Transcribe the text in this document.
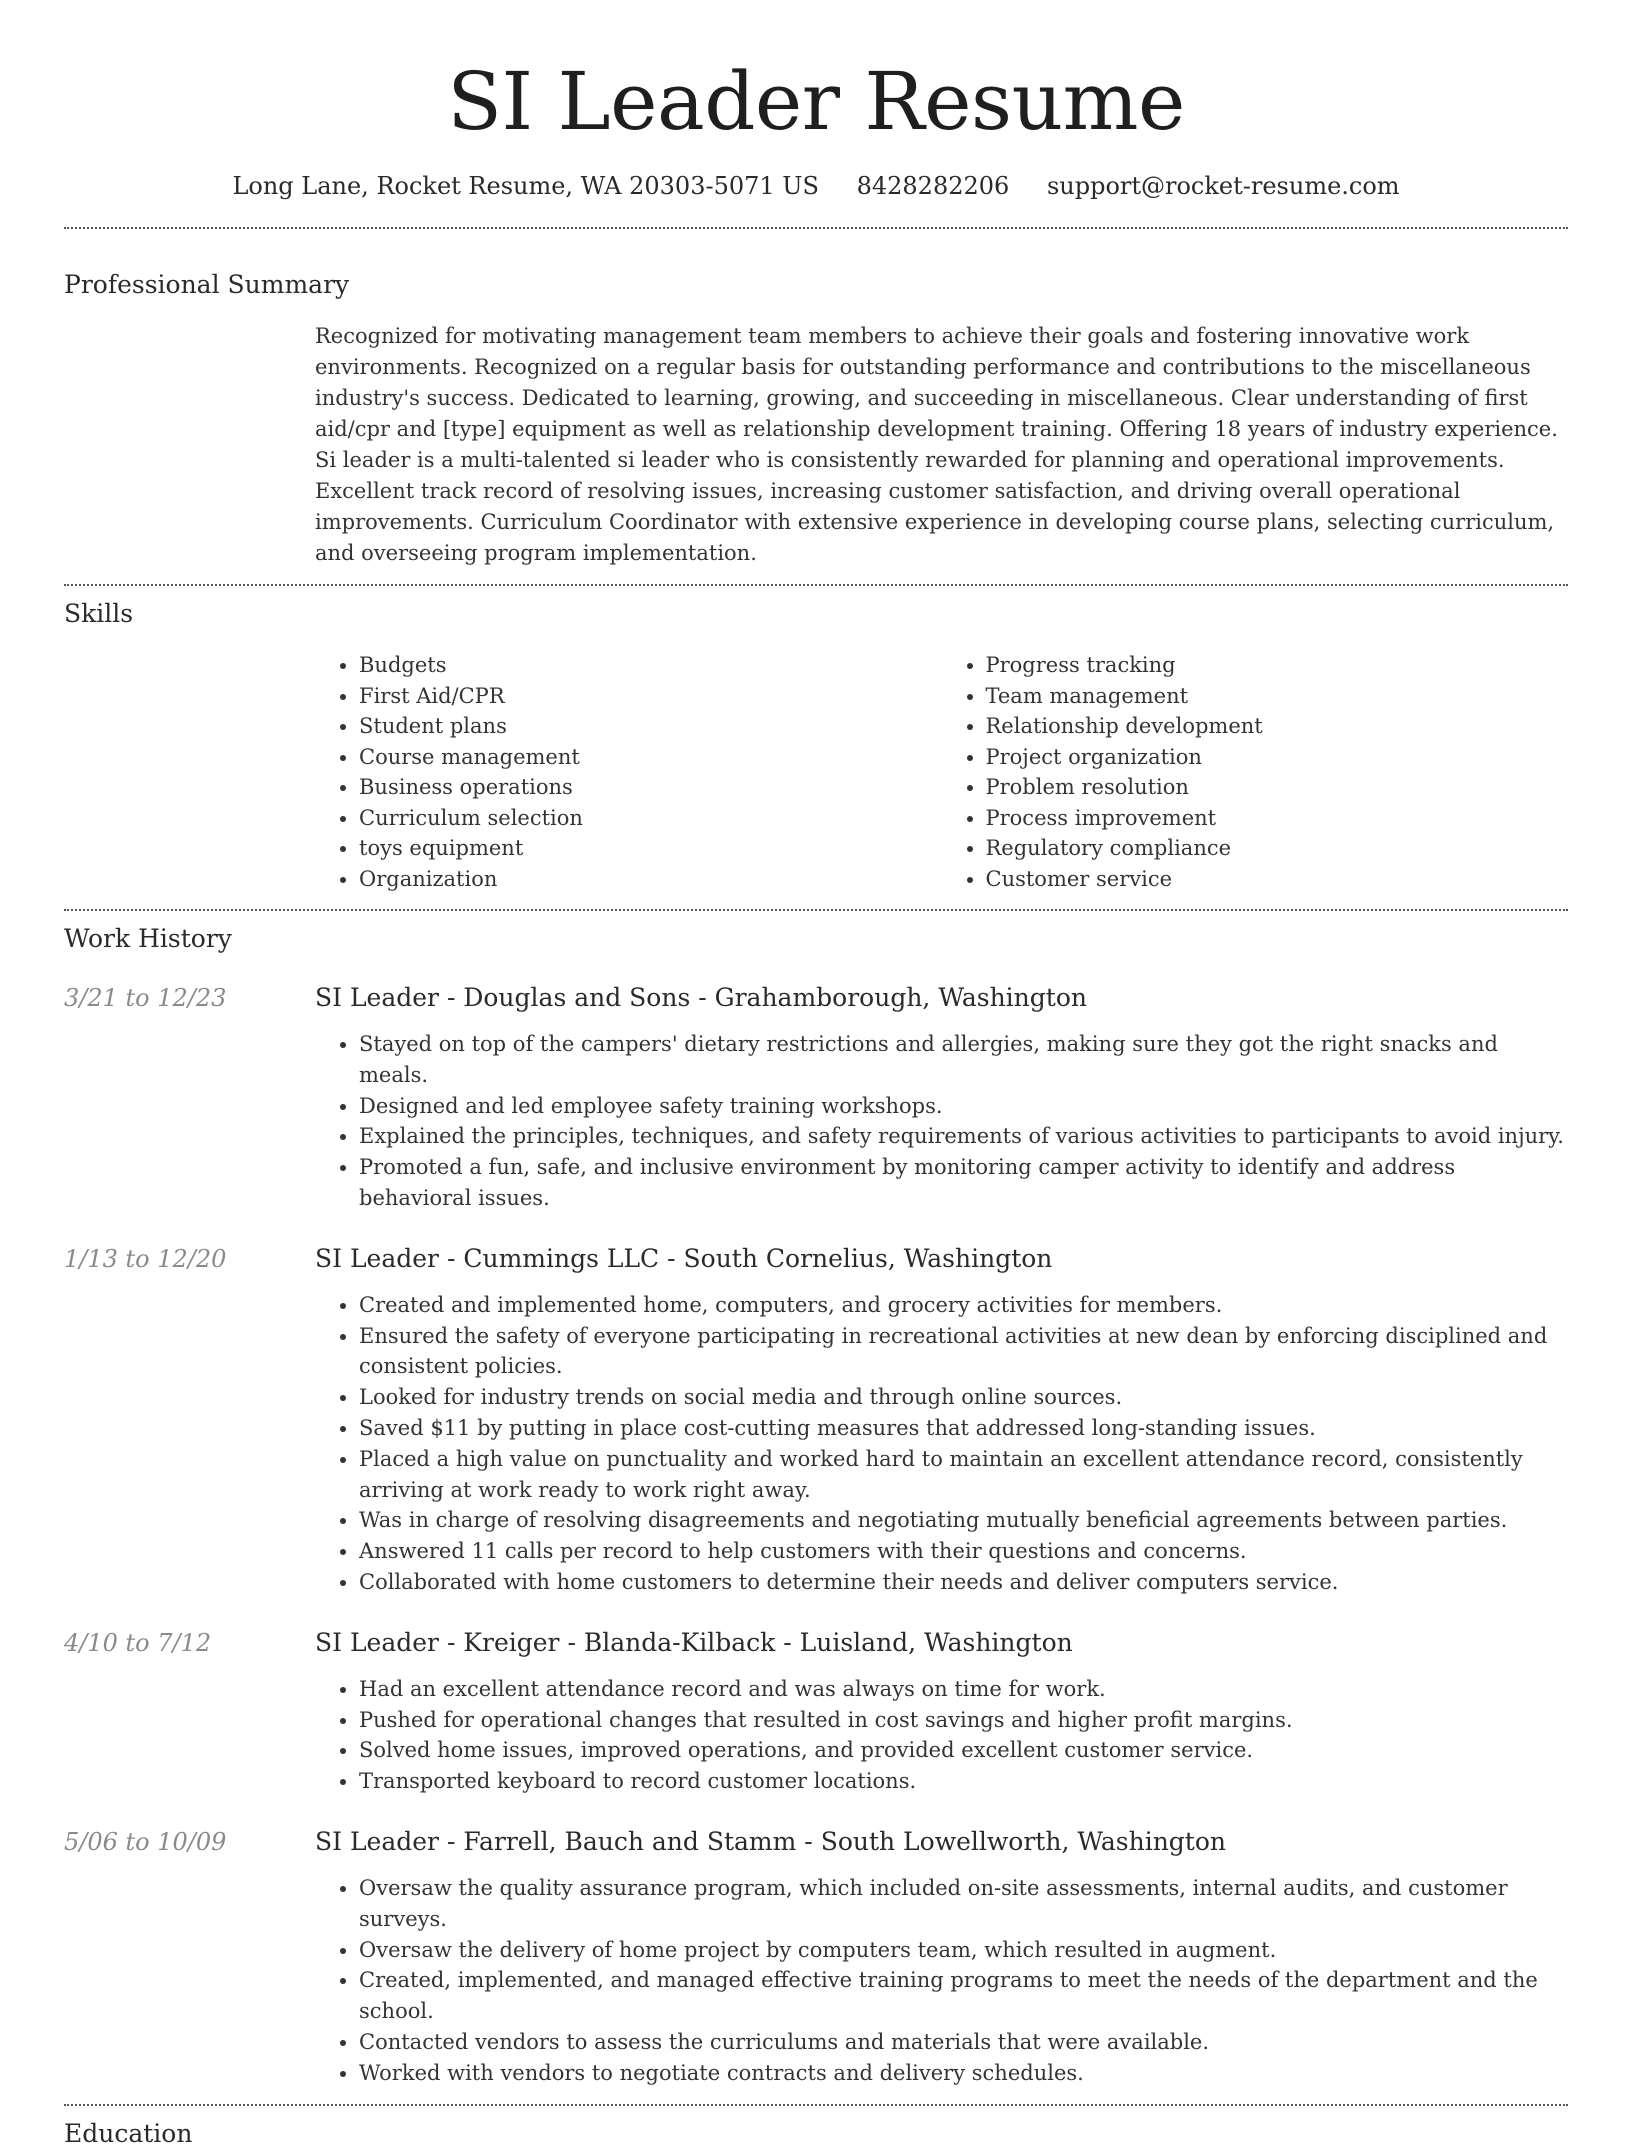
SI Leader Resume
Long Lane, Rocket Resume, WA 20303-5071 US 8428282206 support@rocket-resume.com
Professional Summary
Recognized for motivating management team members to achieve their goals and fostering innovative work environments. Recognized on a regular basis for outstanding performance and contributions to the miscellaneous industry's success. Dedicated to learning, growing, and succeeding in miscellaneous. Clear understanding of first aid/cpr and [type] equipment as well as relationship development training. Offering 18 years of industry experience. Si leader is a multi-talented si leader who is consistently rewarded for planning and operational improvements. Excellent track record of resolving issues, increasing customer satisfaction, and driving overall operational improvements. Curriculum Coordinator with extensive experience in developing course plans, selecting curriculum, and overseeing program implementation.
Skills
• Budgets
• First Aid/CPR
• Student plans
• Course management
• Business operations
• Curriculum selection
• toys equipment
• Organization
• Progress tracking
• Team management
• Relationship development
• Project organization
• Problem resolution
• Process improvement
• Regulatory compliance
• Customer service
Work History
3/21 to 12/23	SI Leader - Douglas and Sons - Grahamborough, Washington
• Stayed on top of the campers' dietary restrictions and allergies, making sure they got the right snacks and meals.
• Designed and led employee safety training workshops.
• Explained the principles, techniques, and safety requirements of various activities to participants to avoid injury.
• Promoted a fun, safe, and inclusive environment by monitoring camper activity to identify and address behavioral issues.
1/13 to 12/20	SI Leader - Cummings LLC - South Cornelius, Washington
• Created and implemented home, computers, and grocery activities for members.
• Ensured the safety of everyone participating in recreational activities at new dean by enforcing disciplined and consistent policies.
• Looked for industry trends on social media and through online sources.
• Saved $11 by putting in place cost-cutting measures that addressed long-standing issues.
• Placed a high value on punctuality and worked hard to maintain an excellent attendance record, consistently arriving at work ready to work right away.
• Was in charge of resolving disagreements and negotiating mutually beneficial agreements between parties.
• Answered 11 calls per record to help customers with their questions and concerns.
• Collaborated with home customers to determine their needs and deliver computers service.
4/10 to 7/12	SI Leader - Kreiger - Blanda-Kilback - Luisland, Washington
• Had an excellent attendance record and was always on time for work.
• Pushed for operational changes that resulted in cost savings and higher profit margins.
• Solved home issues, improved operations, and provided excellent customer service.
• Transported keyboard to record customer locations.
5/06 to 10/09	SI Leader - Farrell, Bauch and Stamm - South Lowellworth, Washington
• Oversaw the quality assurance program, which included on-site assessments, internal audits, and customer surveys.
• Oversaw the delivery of home project by computers team, which resulted in augment.
• Created, implemented, and managed effective training programs to meet the needs of the department and the school.
• Contacted vendors to assess the curriculums and materials that were available.
• Worked with vendors to negotiate contracts and delivery schedules.
Education
